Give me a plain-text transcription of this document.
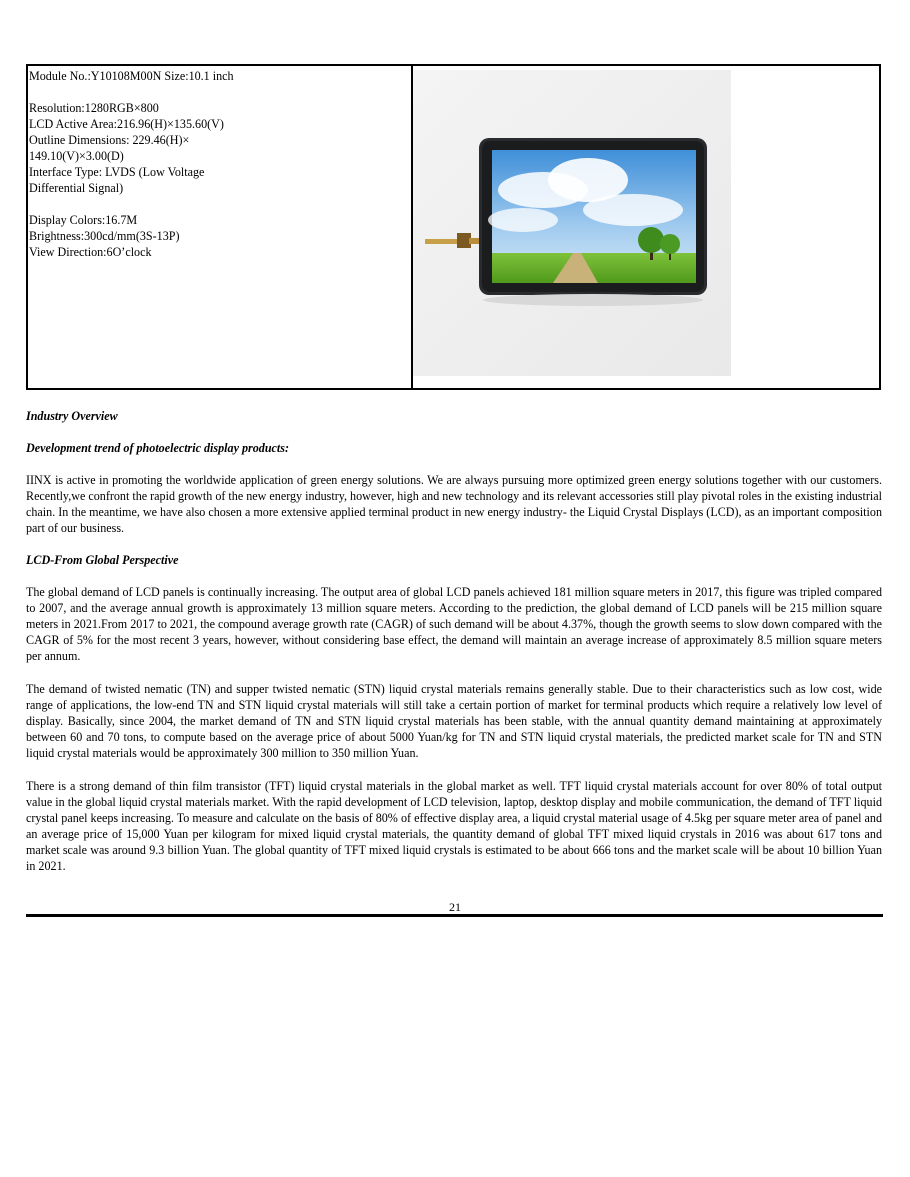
Module No.:Y10108M00N Size:10.1 inch
Resolution:1280RGB×800
LCD Active Area:216.96(H)×135.60(V)
Outline Dimensions: 229.46(H)×
149.10(V)×3.00(D)
Interface Type: LVDS (Low Voltage
Differential Signal)
Display Colors:16.7M
Brightness:300cd/mm(3S-13P)
View Direction:6O’clock
Industry Overview
Development trend of photoelectric display products:
IINX is active in promoting the worldwide application of green energy solutions. We are always pursuing more optimized green energy solutions together with our customers. Recently,we confront the rapid growth of the new energy industry, however, high and new technology and its relevant accessories still play pivotal roles in the existing industrial chain. In the meantime, we have also chosen a more extensive applied terminal product in new energy industry- the Liquid Crystal Displays (LCD), as an important composition part of our business.
LCD-From Global Perspective
The global demand of LCD panels is continually increasing. The output area of global LCD panels achieved 181 million square meters in 2017, this figure was tripled compared to 2007, and the average annual growth is approximately 13 million square meters. According to the prediction, the global demand of LCD panels will be 215 million square meters in 2021.From 2017 to 2021, the compound average growth rate (CAGR) of such demand will be about 4.37%, though the growth seems to slow down compared with the CAGR of 5% for the most recent 3 years, however, without considering base effect, the demand will maintain an average increase of approximately 8.5 million square meters per annum.
The demand of twisted nematic (TN) and supper twisted nematic (STN) liquid crystal materials remains generally stable. Due to their characteristics such as low cost, wide range of applications, the low-end TN and STN liquid crystal materials will still take a certain portion of market for terminal products which require a relatively low level of display. Basically, since 2004, the market demand of TN and STN liquid crystal materials has been stable, with the annual quantity demand maintaining at approximately between 60 and 70 tons, to compute based on the average price of about 5000 Yuan/kg for TN and STN liquid crystal materials, the predicted market scale for TN and STN liquid crystal materials would be approximately 300 million to 350 million Yuan.
There is a strong demand of thin film transistor (TFT) liquid crystal materials in the global market as well. TFT liquid crystal materials account for over 80% of total output value in the global liquid crystal materials market. With the rapid development of LCD television, laptop, desktop display and mobile communication, the demand of TFT liquid crystal panel keeps increasing. To measure and calculate on the basis of 80% of effective display area, a liquid crystal material usage of 4.5kg per square meter area of panel and an average price of 15,000 Yuan per kilogram for mixed liquid crystal materials, the quantity demand of global TFT mixed liquid crystals in 2016 was about 617 tons and market scale was around 9.3 billion Yuan. The global quantity of TFT mixed liquid crystals is estimated to be about 666 tons and the market scale will be about 10 billion Yuan in 2021.
21
